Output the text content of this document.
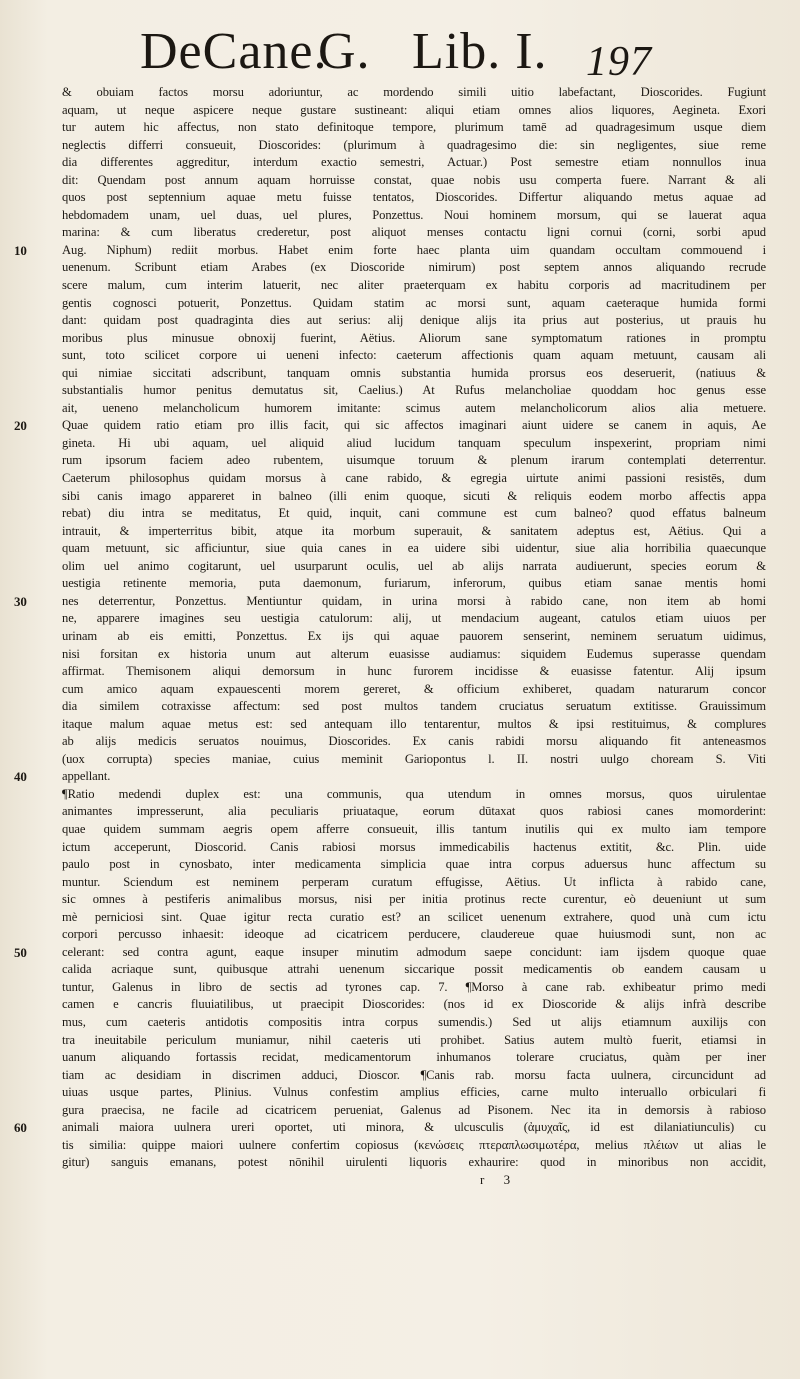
DeCane.
G. Lib. I. 197
& obuiam factos morsu adoriuntur, ac mordendo simili uitio labefactant, Dioscorides. Fugiunt
aquam, ut neque aspicere neque gustare sustineant: aliqui etiam omnes alios liquores, Aegineta. Exori
tur autem hic affectus, non stato definitoque tempore, plurimum tamē ad quadragesimum usque diem
neglectis differri consueuit, Dioscorides: (plurimum à quadragesimo die: sin negligentes, siue reme
dia differentes aggreditur, interdum exactio semestri, Actuar.) Post semestre etiam nonnullos inua
dit: Quendam post annum aquam horruisse constat, quae nobis usu comperta fuere. Narrant & ali
quos post septennium aquae metu fuisse tentatos, Dioscorides. Differtur aliquando metus aquae ad
hebdomadem unam, uel duas, uel plures, Ponzettus. Noui hominem morsum, qui se lauerat aqua
marina: & cum liberatus crederetur, post aliquot menses contactu ligni cornui (corni, sorbi apud
10	Aug. Niphum) rediit morbus. Habet enim forte haec planta uim quandam occultam commouend i
uenenum. Scribunt etiam Arabes (ex Dioscoride nimirum) post septem annos aliquando recrude
scere malum, cum interim latuerit, nec aliter praeterquam ex habitu corporis ad macritudinem per
gentis cognosci potuerit, Ponzettus. Quidam statim ac morsi sunt, aquam caeteraque humida formi
dant: quidam post quadraginta dies aut serius: alij denique alijs ita prius aut posterius, ut prauis hu
moribus plus minusue obnoxij fuerint, Aëtius. Aliorum sane symptomatum rationes in promptu
sunt, toto scilicet corpore ui ueneni infecto: caeterum affectionis quam aquam metuunt, causam ali
qui nimiae siccitati adscribunt, tanquam omnis substantia humida prorsus eos deseruerit, (natiuus &
substantialis humor penitus demutatus sit, Caelius.) At Rufus melancholiae quoddam hoc genus esse
ait, ueneno melancholicum humorem imitante: scimus autem melancholicorum alios alia metuere.
20	Quae quidem ratio etiam pro illis facit, qui sic affectos imaginari aiunt uidere se canem in aquis, Ae
gineta. Hi ubi aquam, uel aliquid aliud lucidum tanquam speculum inspexerint, propriam nimi
rum ipsorum faciem adeo rubentem, uisumque toruum & plenum irarum contemplati deterrentur.
Caeterum philosophus quidam morsus à cane rabido, & egregia uirtute animi passioni resistēs, dum
sibi canis imago appareret in balneo (illi enim quoque, sicuti & reliquis eodem morbo affectis appa
rebat) diu intra se meditatus, Et quid, inquit, cani commune est cum balneo? quod effatus balneum
intrauit, & imperterritus bibit, atque ita morbum superauit, & sanitatem adeptus est, Aëtius. Qui a
quam metuunt, sic afficiuntur, siue quia canes in ea uidere sibi uidentur, siue alia horribilia quaecunque
olim uel animo cogitarunt, uel usurparunt oculis, uel ab alijs narrata audiuerunt, species eorum &
uestigia retinente memoria, puta daemonum, furiarum, inferorum, quibus etiam sanae mentis homi
30	nes deterrentur, Ponzettus. Mentiuntur quidam, in urina morsi à rabido cane, non item ab homi
ne, apparere imagines seu uestigia catulorum: alij, ut mendacium augeant, catulos etiam uiuos per
urinam ab eis emitti, Ponzettus. Ex ijs qui aquae pauorem senserint, neminem seruatum uidimus,
nisi forsitan ex historia unum aut alterum euasisse audiamus: siquidem Eudemus superasse quendam
affirmat. Themisonem aliqui demorsum in hunc furorem incidisse & euasisse fatentur. Alij ipsum
cum amico aquam expauescenti morem gereret, & officium exhiberet, quadam naturarum concor
dia similem cotraxisse affectum: sed post multos tandem cruciatus seruatum extitisse. Grauissimum
itaque malum aquae metus est: sed antequam illo tentarentur, multos & ipsi restituimus, & complures
ab alijs medicis seruatos nouimus, Dioscorides. Ex canis rabidi morsu aliquando fit anteneasmos
(uox corrupta) species maniae, cuius meminit Gariopontus l. II. nostri uulgo choream S. Viti
40	appellant.
¶Ratio medendi duplex est: una communis, qua utendum in omnes morsus, quos uirulentae
animantes impresserunt, alia peculiaris priuataque, eorum dūtaxat quos rabiosi canes momorderint:
quae quidem summam aegris opem afferre consueuit, illis tantum inutilis qui ex multo iam tempore
ictum acceperunt, Dioscorid. Canis rabiosi morsus immedicabilis hactenus extitit, &c. Plin. uide
paulo post in cynosbato, inter medicamenta simplicia quae intra corpus aduersus hunc affectum su
muntur. Sciendum est neminem perperam curatum effugisse, Aëtius. Ut inflicta à rabido cane,
sic omnes à pestiferis animalibus morsus, nisi per initia protinus recte curentur, eò deueniunt ut sum
mè perniciosi sint. Quae igitur recta curatio est? an scilicet uenenum extrahere, quod unà cum ictu
corpori percusso inhaesit: ideoque ad cicatricem perducere, claudereue quae huiusmodi sunt, non ac
50	celerant: sed contra agunt, eaque insuper minutim admodum saepe concidunt: iam ijsdem quoque quae
calida acriaque sunt, quibusque attrahi uenenum siccarique possit medicamentis ob eandem causam u
tuntur, Galenus in libro de sectis ad tyrones cap. 7. ¶Morso à cane rab. exhibeatur primo medi
camen e cancris fluuiatilibus, ut praecipit Dioscorides: (nos id ex Dioscoride & alijs infrà describe
mus, cum caeteris antidotis compositis intra corpus sumendis.) Sed ut alijs etiamnum auxilijs con
tra ineuitabile periculum muniamur, nihil caeteris uti prohibet. Satius autem multò fuerit, etiamsi in
uanum aliquando fortassis recidat, medicamentorum inhumanos tolerare cruciatus, quàm per iner
tiam ac desidiam in discrimen adduci, Dioscor. ¶Canis rab. morsu facta uulnera, circuncidunt ad
uiuas usque partes, Plinius. Vulnus confestim amplius efficies, carne multo interuallo orbiculari fi
gura praecisa, ne facile ad cicatricem perueniat, Galenus ad Pisonem. Nec ita in demorsis à rabioso
60	animali maiora uulnera ureri oportet, uti minora, & ulcusculis (ἀμυχαῖς, id est dilaniatiunculis) cu
tis similia: quippe maiori uulnere confertim copiosus (κενώσεις πτεραπλωσιμωτέρα, melius πλέιων ut alias le
gitur) sanguis emanans, potest nōnihil uirulenti liquoris exhaurire: quod in minoribus non accidit,
r 3
